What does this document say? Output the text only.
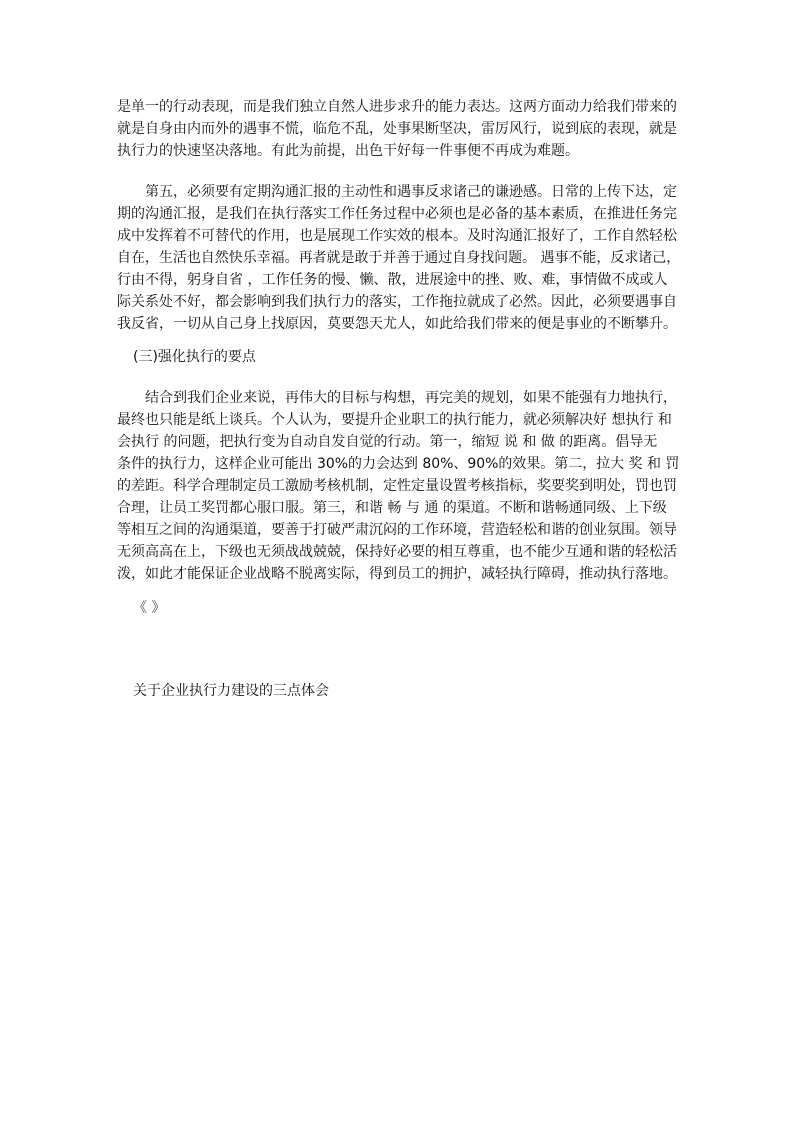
是单一的行动表现，而是我们独立自然人进步求升的能力表达。这两方面动力给我们带来的
就是自身由内而外的遇事不慌，临危不乱，处事果断坚决，雷厉风行，说到底的表现，就是
执行力的快速坚决落地。有此为前提，出色干好每一件事便不再成为难题。
第五，必须要有定期沟通汇报的主动性和遇事反求诸己的谦逊感。日常的上传下达，定
期的沟通汇报，是我们在执行落实工作任务过程中必须也是必备的基本素质，在推进任务完
成中发挥着不可替代的作用，也是展现工作实效的根本。及时沟通汇报好了，工作自然轻松
自在，生活也自然快乐幸福。再者就是敢于并善于通过自身找问题。 遇事不能，反求诸己，
行由不得，躬身自省 ，工作任务的慢、懒、散，进展途中的挫、败、难，事情做不成或人
际关系处不好，都会影响到我们执行力的落实，工作拖拉就成了必然。因此，必须要遇事自
我反省，一切从自己身上找原因，莫要怨天尤人，如此给我们带来的便是事业的不断攀升。
(三)强化执行的要点
结合到我们企业来说，再伟大的目标与构想，再完美的规划，如果不能强有力地执行，
最终也只能是纸上谈兵。个人认为，要提升企业职工的执行能力，就必须解决好 想执行 和
会执行 的问题，把执行变为自动自发自觉的行动。第一，缩短 说 和 做 的距离。倡导无
条件的执行力，这样企业可能出 30%的力会达到 80%、90%的效果。第二，拉大 奖 和 罚
的差距。科学合理制定员工激励考核机制，定性定量设置考核指标，奖要奖到明处，罚也罚
合理，让员工奖罚都心服口服。第三，和谐 畅 与 通 的渠道。不断和谐畅通同级、上下级
等相互之间的沟通渠道，要善于打破严肃沉闷的工作环境，营造轻松和谐的创业氛围。领导
无须高高在上，下级也无须战战兢兢，保持好必要的相互尊重，也不能少互通和谐的轻松活
泼，如此才能保证企业战略不脱离实际，得到员工的拥护，减轻执行障碍，推动执行落地。
《 》
关于企业执行力建设的三点体会
